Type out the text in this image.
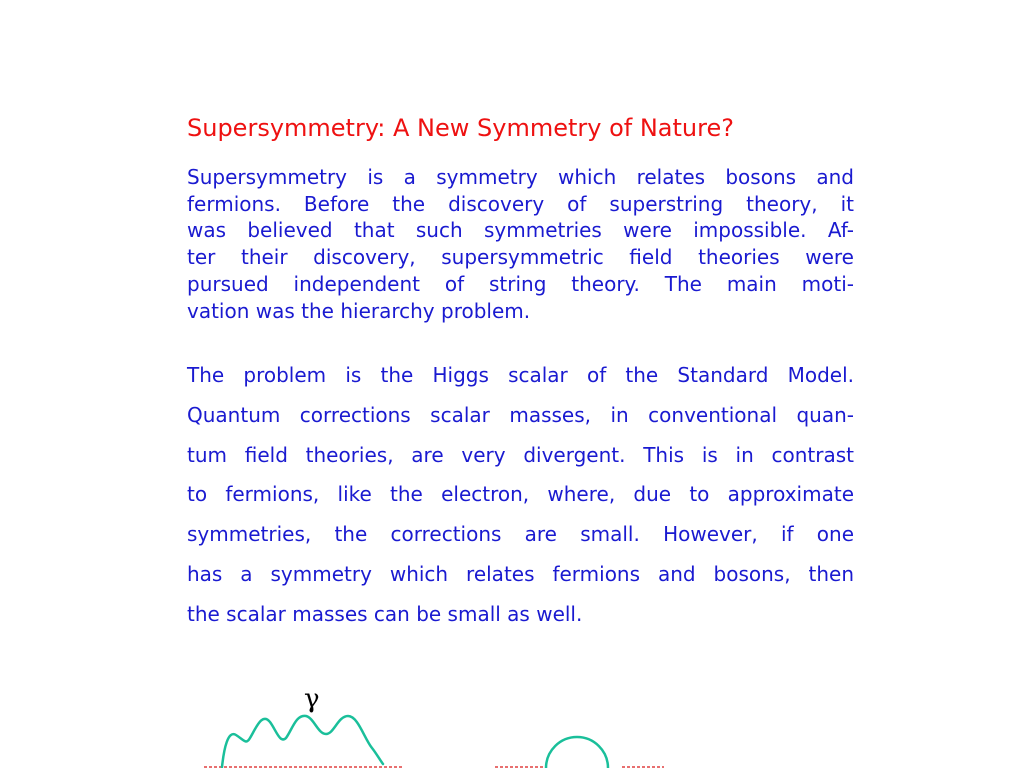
Supersymmetry: A New Symmetry of Nature?

Supersymmetry is a symmetry which relates bosons and
fermions. Before the discovery of superstring theory, it
was believed that such symmetries were impossible. Af-
ter their discovery, supersymmetric field theories were
pursued independent of string theory. The main moti-
vation was the hierarchy problem.

The problem is the Higgs scalar of the Standard Model.
Quantum corrections scalar masses, in conventional quan-
tum field theories, are very divergent. This is in contrast
to fermions, like the electron, where, due to approximate
symmetries, the corrections are small. However, if one
has a symmetry which relates fermions and bosons, then
the scalar masses can be small as well.

γ
